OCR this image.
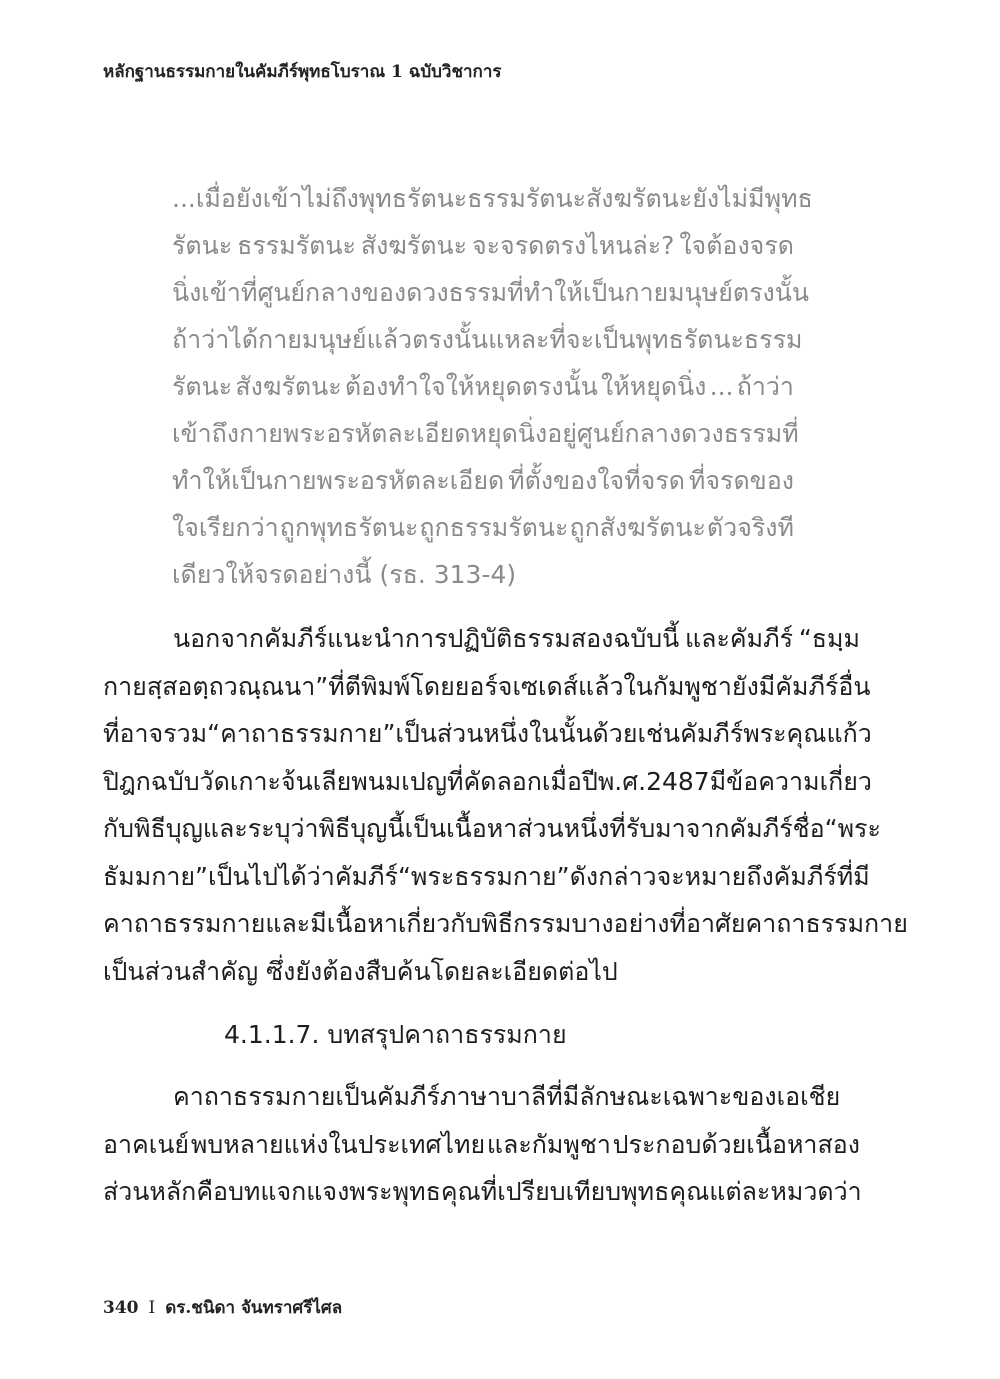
หลักฐานธรรมกายในคัมภีร์พุทธโบราณ 1 ฉบับวิชาการ
... เมื่อยังเข้าไม่ถึงพุทธรัตนะ ธรรมรัตนะ สังฆรัตนะ ยังไม่มีพุทธ
รัตนะ ธรรมรัตนะ สังฆรัตนะ จะจรดตรงไหนล่ะ? ใจต้องจรด
นิ่งเข้าที่ศูนย์กลางของดวงธรรม ที่ทำให้เป็นกายมนุษย์ ตรงนั้น
ถ้าว่าได้กายมนุษย์แล้ว ตรงนั้นแหละที่จะเป็นพุทธรัตนะ ธรรม
รัตนะ สังฆรัตนะ ต้องทำใจให้หยุดตรงนั้น ให้หยุดนิ่ง ... ถ้าว่า
เข้าถึง กายพระอรหัตละเอียด หยุดนิ่งอยู่ศูนย์กลางดวงธรรมที่
ทำให้เป็นกายพระอรหัตละเอียด ที่ตั้งของใจที่จรด ที่จรดของ
ใจเรียกว่า ถูกพุทธรัตนะ ถูกธรรมรัตนะ ถูกสังฆรัตนะ ตัวจริงที
เดียวให้จรดอย่างนี้ (รธ. 313-4)
นอกจากคัมภีร์แนะนำการปฏิบัติธรรมสองฉบับนี้ และคัมภีร์ “ธมฺม
กายสฺส อตฺถวณฺณนา” ที่ตีพิมพ์โดยยอร์จ เซเดส์ แล้ว ในกัมพูชายังมีคัมภีร์อื่น
ที่อาจรวม “คาถาธรรมกาย” เป็นส่วนหนึ่งในนั้นด้วย เช่น คัมภีร์พระคุณแก้ว
ปิฎกฉบับวัดเกาะจ้นเลีย พนมเปญ ที่คัดลอกเมื่อปี พ.ศ. 2487 มีข้อความเกี่ยว
กับพิธีบุญและระบุว่า พิธีบุญนี้เป็นเนื้อหาส่วนหนึ่งที่รับมาจากคัมภีร์ชื่อ “พระ
ธัมมกาย” เป็นไปได้ว่า คัมภีร์ “พระธรรมกาย” ดังกล่าวจะหมายถึงคัมภีร์ที่มี
คาถาธรรมกายและมีเนื้อหาเกี่ยวกับพิธีกรรมบางอย่างที่อาศัยคาถาธรรมกาย
เป็นส่วนสำคัญ ซึ่งยังต้องสืบค้นโดยละเอียดต่อไป
4.1.1.7. บทสรุปคาถาธรรมกาย
คาถาธรรมกายเป็นคัมภีร์ภาษาบาลีที่มีลักษณะเฉพาะของเอเชีย
อาคเนย์ พบหลายแห่งในประเทศไทย และกัมพูชา ประกอบด้วยเนื้อหาสอง
ส่วนหลักคือ บทแจกแจงพระพุทธคุณที่เปรียบเทียบพุทธคุณแต่ละหมวดว่า
340 I ดร.ชนิดา จันทราศรีไศล
